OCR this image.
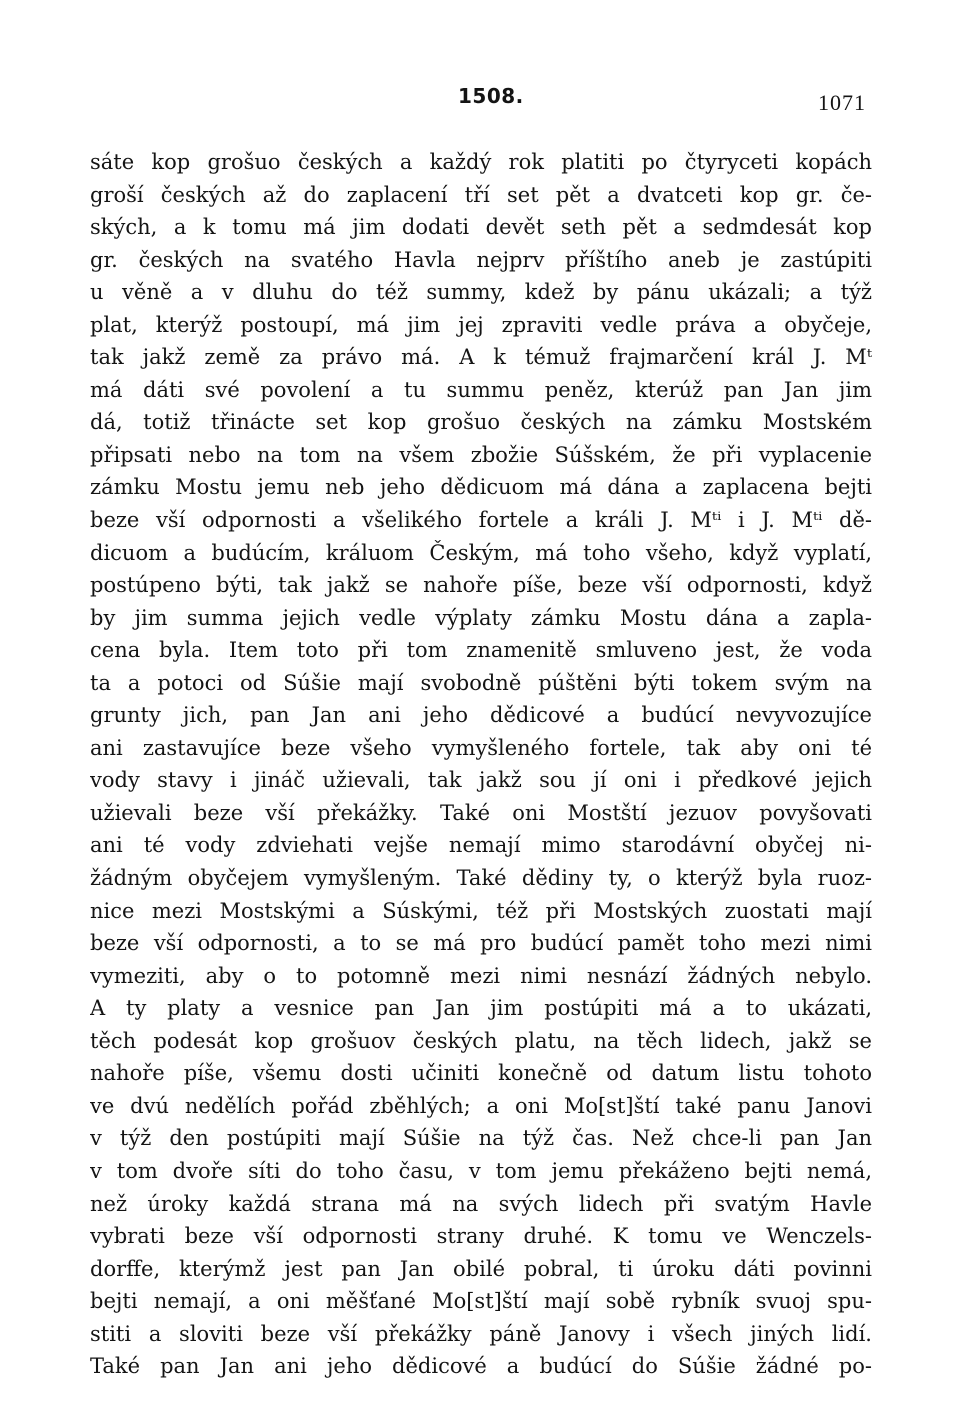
1508.	1071
sáte kop grošuo českých a každý rok platiti po čtyryceti kopách
groší českých až do zaplacení tří set pět a dvatceti kop gr. če-
ských, a k tomu má jim dodati devět seth pět a sedmdesát kop
gr. českých na svatého Havla nejprv příštího aneb je zastúpiti
u věně a v dluhu do též summy, kdež by pánu ukázali; a týž
plat, kterýž postoupí, má jim jej zpraviti vedle práva a obyčeje,
tak jakž země za právo má. A k témuž frajmarčení král J. Mᵗ
má dáti své povolení a tu summu peněz, kterúž pan Jan jim
dá, totiž třinácte set kop grošuo českých na zámku Mostském
připsati nebo na tom na všem zbožie Súšském, že při vyplacenie
zámku Mostu jemu neb jeho dědicuom má dána a zaplacena bejti
beze vší odpornosti a všelikého fortele a králi J. Mᵗⁱ i J. Mᵗⁱ dě-
dicuom a budúcím, králuom Českým, má toho všeho, když vyplatí,
postúpeno býti, tak jakž se nahoře píše, beze vší odpornosti, když
by jim summa jejich vedle výplaty zámku Mostu dána a zapla-
cena byla. Item toto při tom znamenitě smluveno jest, že voda
ta a potoci od Súšie mají svobodně púštěni býti tokem svým na
grunty jich, pan Jan ani jeho dědicové a budúcí nevyvozujíce
ani zastavujíce beze všeho vymyšleného fortele, tak aby oni té
vody stavy i jináč užievali, tak jakž sou jí oni i předkové jejich
užievali beze vší překážky. Také oni Mostští jezuov povyšovati
ani té vody zdviehati vejše nemají mimo starodávní obyčej ni-
žádným obyčejem vymyšleným. Také dědiny ty, o kterýž byla ruoz-
nice mezi Mostskými a Súskými, též při Mostských zuostati mají
beze vší odpornosti, a to se má pro budúcí pamět toho mezi nimi
vymeziti, aby o to potomně mezi nimi nesnází žádných nebylo.
A ty platy a vesnice pan Jan jim postúpiti má a to ukázati,
těch podesát kop grošuov českých platu, na těch lidech, jakž se
nahoře píše, všemu dosti učiniti konečně od datum listu tohoto
ve dvú nedělích pořád zběhlých; a oni Mo[st]ští také panu Janovi
v týž den postúpiti mají Súšie na týž čas. Než chce-li pan Jan
v tom dvoře síti do toho času, v tom jemu překáženo bejti nemá,
než úroky každá strana má na svých lidech při svatým Havle
vybrati beze vší odpornosti strany druhé. K tomu ve Wenczels-
dorffe, kterýmž jest pan Jan obilé pobral, ti úroku dáti povinni
bejti nemají, a oni měšťané Mo[st]ští mají sobě rybník svuoj spu-
stiti a sloviti beze vší překážky páně Janovy i všech jiných lidí.
Také pan Jan ani jeho dědicové a budúcí do Súšie žádné po-
